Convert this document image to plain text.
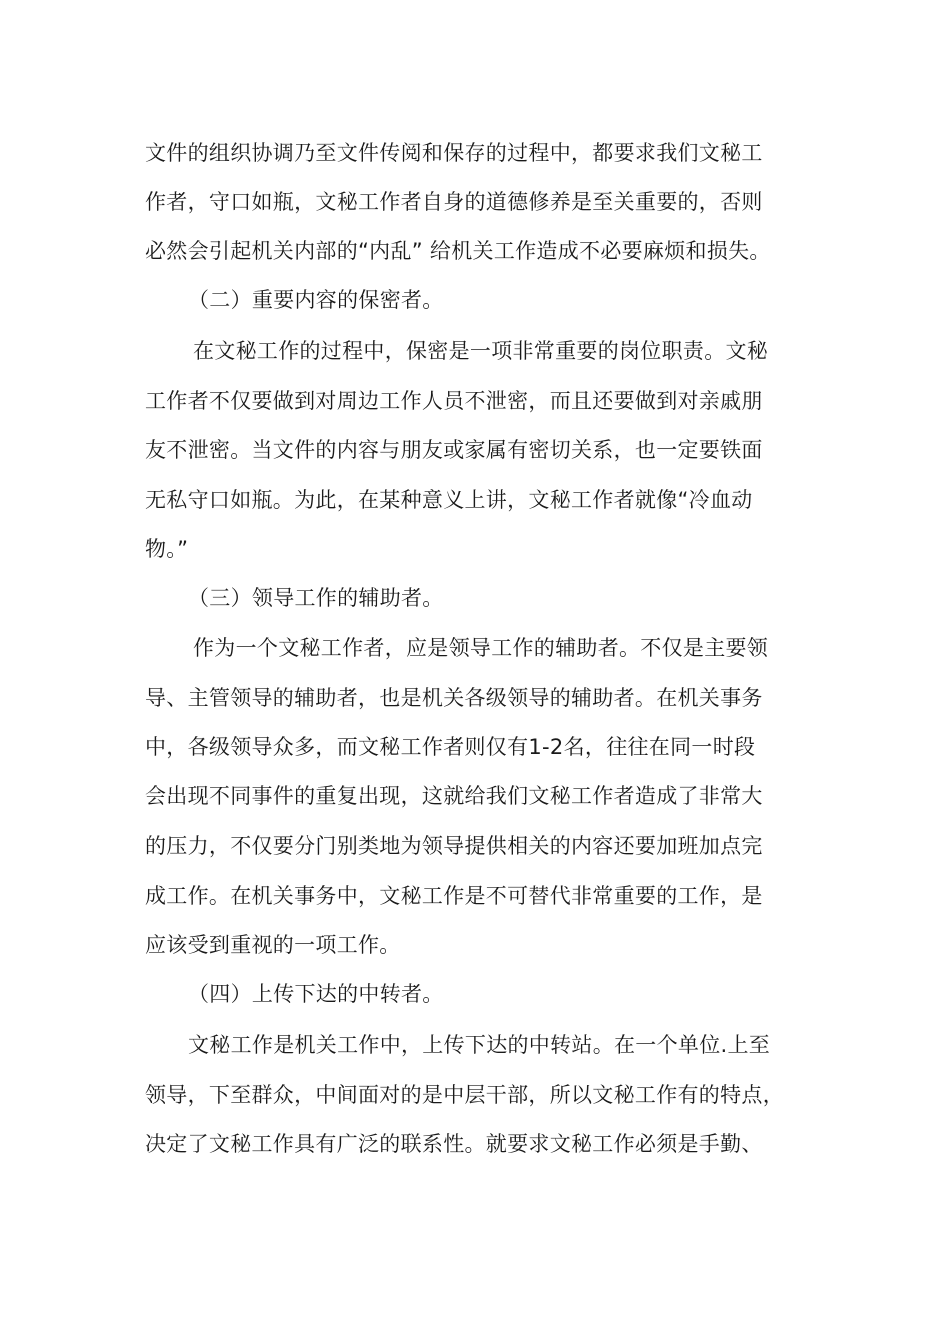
文件的组织协调乃至文件传阅和保存的过程中，都要求我们文秘工
作者，守口如瓶，文秘工作者自身的道德修养是至关重要的，否则
必然会引起机关内部的“内乱” 给机关工作造成不必要麻烦和损失。
（二）重要内容的保密者。
在文秘工作的过程中，保密是一项非常重要的岗位职责。文秘
工作者不仅要做到对周边工作人员不泄密，而且还要做到对亲戚朋
友不泄密。当文件的内容与朋友或家属有密切关系，也一定要铁面
无私守口如瓶。为此，在某种意义上讲，文秘工作者就像“冷血动
物。”
（三）领导工作的辅助者。
作为一个文秘工作者，应是领导工作的辅助者。不仅是主要领
导、主管领导的辅助者，也是机关各级领导的辅助者。在机关事务
中，各级领导众多，而文秘工作者则仅有1-2名，往往在同一时段
会出现不同事件的重复出现，这就给我们文秘工作者造成了非常大
的压力，不仅要分门别类地为领导提供相关的内容还要加班加点完
成工作。在机关事务中，文秘工作是不可替代非常重要的工作，是
应该受到重视的一项工作。
（四）上传下达的中转者。
文秘工作是机关工作中，上传下达的中转站。在一个单位.上至
领导，下至群众，中间面对的是中层干部，所以文秘工作有的特点，
决定了文秘工作具有广泛的联系性。就要求文秘工作必须是手勤、
